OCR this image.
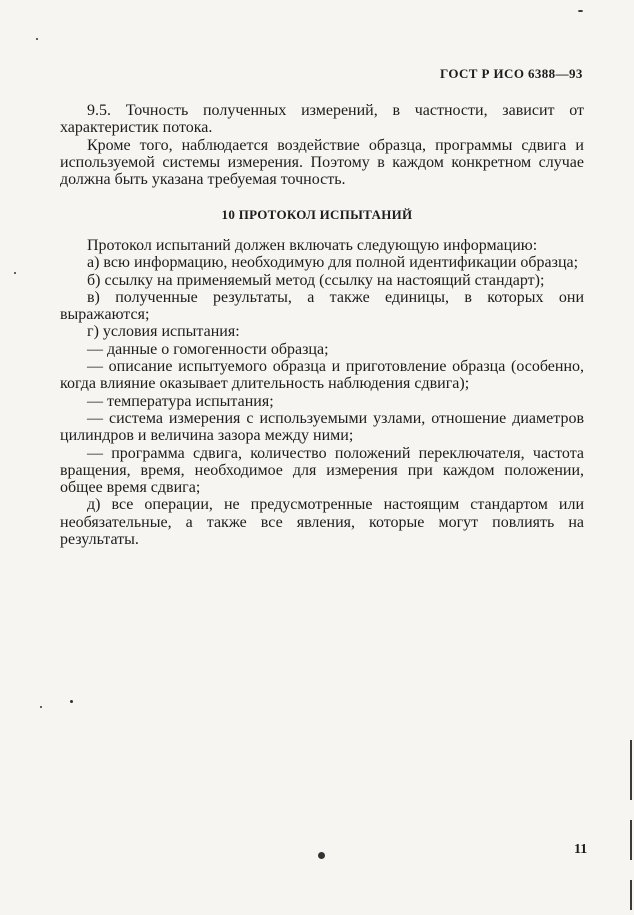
ГОСТ Р ИСО 6388—93

9.5. Точность полученных измерений, в частности, зависит от характеристик потока.

Кроме того, наблюдается воздействие образца, программы сдвига и используемой системы измерения. Поэтому в каждом конкретном случае должна быть указана требуемая точность.

10 ПРОТОКОЛ ИСПЫТАНИЙ

Протокол испытаний должен включать следующую информацию:

а) всю информацию, необходимую для полной идентификации образца;

б) ссылку на применяемый метод (ссылку на настоящий стандарт);

в) полученные результаты, а также единицы, в которых они выражаются;

г) условия испытания:

— данные о гомогенности образца;

— описание испытуемого образца и приготовление образца (особенно, когда влияние оказывает длительность наблюдения сдвига);

— температура испытания;

— система измерения с используемыми узлами, отношение диаметров цилиндров и величина зазора между ними;

— программа сдвига, количество положений переключателя, частота вращения, время, необходимое для измерения при каждом положении, общее время сдвига;

д) все операции, не предусмотренные настоящим стандартом или необязательные, а также все явления, которые могут повлиять на результаты.

11
